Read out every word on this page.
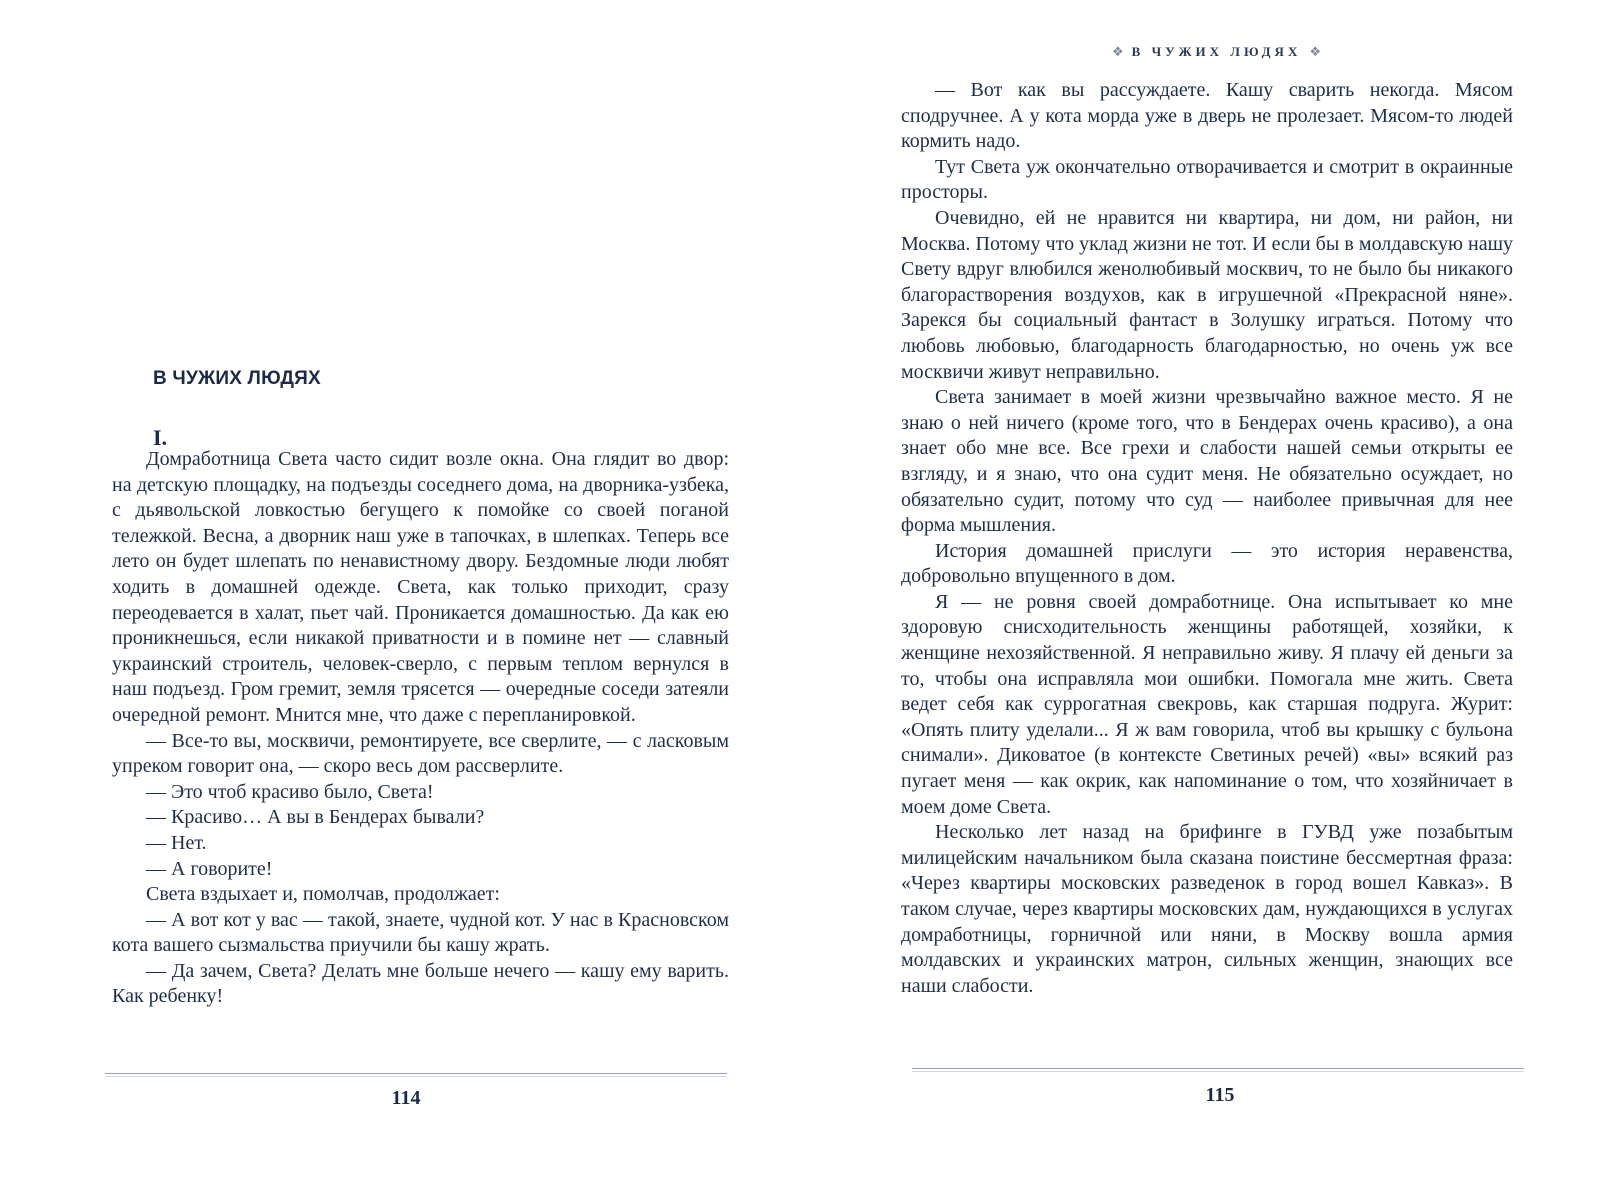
В ЧУЖИХ ЛЮДЯХ
I.

Домработница Света часто сидит возле окна. Она глядит во двор: на детскую площадку, на подъезды соседнего дома, на дворника-узбека, с дьявольской ловкостью бегущего к помойке со своей поганой тележкой. Весна, а дворник наш уже в тапочках, в шлепках. Теперь все лето он будет шлепать по ненавистному двору. Бездомные люди любят ходить в домашней одежде. Света, как только приходит, сразу переодевается в халат, пьет чай. Проникается домашностью. Да как ею проникнешься, если никакой приватности и в помине нет — славный украинский строитель, человек-сверло, с первым теплом вернулся в наш подъезд. Гром гремит, земля трясется — очередные соседи затеяли очередной ремонт. Мнится мне, что даже с перепланировкой.

— Все-то вы, москвичи, ремонтируете, все сверлите, — с ласковым упреком говорит она, — скоро весь дом рассверлите.

— Это чтоб красиво было, Света!

— Красиво… А вы в Бендерах бывали?

— Нет.

— А говорите!

Света вздыхает и, помолчав, продолжает:

— А вот кот у вас — такой, знаете, чудной кот. У нас в Красновском кота вашего сызмальства приучили бы кашу жрать.

— Да зачем, Света? Делать мне больше нечего — кашу ему варить. Как ребенку!

114
❖ В ЧУЖИХ ЛЮДЯХ ❖

— Вот как вы рассуждаете. Кашу сварить некогда. Мясом сподручнее. А у кота морда уже в дверь не пролезает. Мясом-то людей кормить надо.

Тут Света уж окончательно отворачивается и смотрит в окраинные просторы.

Очевидно, ей не нравится ни квартира, ни дом, ни район, ни Москва. Потому что уклад жизни не тот. И если бы в молдавскую нашу Свету вдруг влюбился женолюбивый москвич, то не было бы никакого благорастворения воздухов, как в игрушечной «Прекрасной няне». Зарекся бы социальный фантаст в Золушку играться. Потому что любовь любовью, благодарность благодарностью, но очень уж все москвичи живут неправильно.

Света занимает в моей жизни чрезвычайно важное место. Я не знаю о ней ничего (кроме того, что в Бендерах очень красиво), а она знает обо мне все. Все грехи и слабости нашей семьи открыты ее взгляду, и я знаю, что она судит меня. Не обязательно осуждает, но обязательно судит, потому что суд — наиболее привычная для нее форма мышления.

История домашней прислуги — это история неравенства, добровольно впущенного в дом.

Я — не ровня своей домработнице. Она испытывает ко мне здоровую снисходительность женщины работящей, хозяйки, к женщине нехозяйственной. Я неправильно живу. Я плачу ей деньги за то, чтобы она исправляла мои ошибки. Помогала мне жить. Света ведет себя как суррогатная свекровь, как старшая подруга. Журит: «Опять плиту уделали... Я ж вам говорила, чтоб вы крышку с бульона снимали». Диковатое (в контексте Светиных речей) «вы» всякий раз пугает меня — как окрик, как напоминание о том, что хозяйничает в моем доме Света.

Несколько лет назад на брифинге в ГУВД уже позабытым милицейским начальником была сказана поистине бессмертная фраза: «Через квартиры московских разведенок в город вошел Кавказ». В таком случае, через квартиры московских дам, нуждающихся в услугах домработницы, горничной или няни, в Москву вошла армия молдавских и украинских матрон, сильных женщин, знающих все наши слабости.

115
